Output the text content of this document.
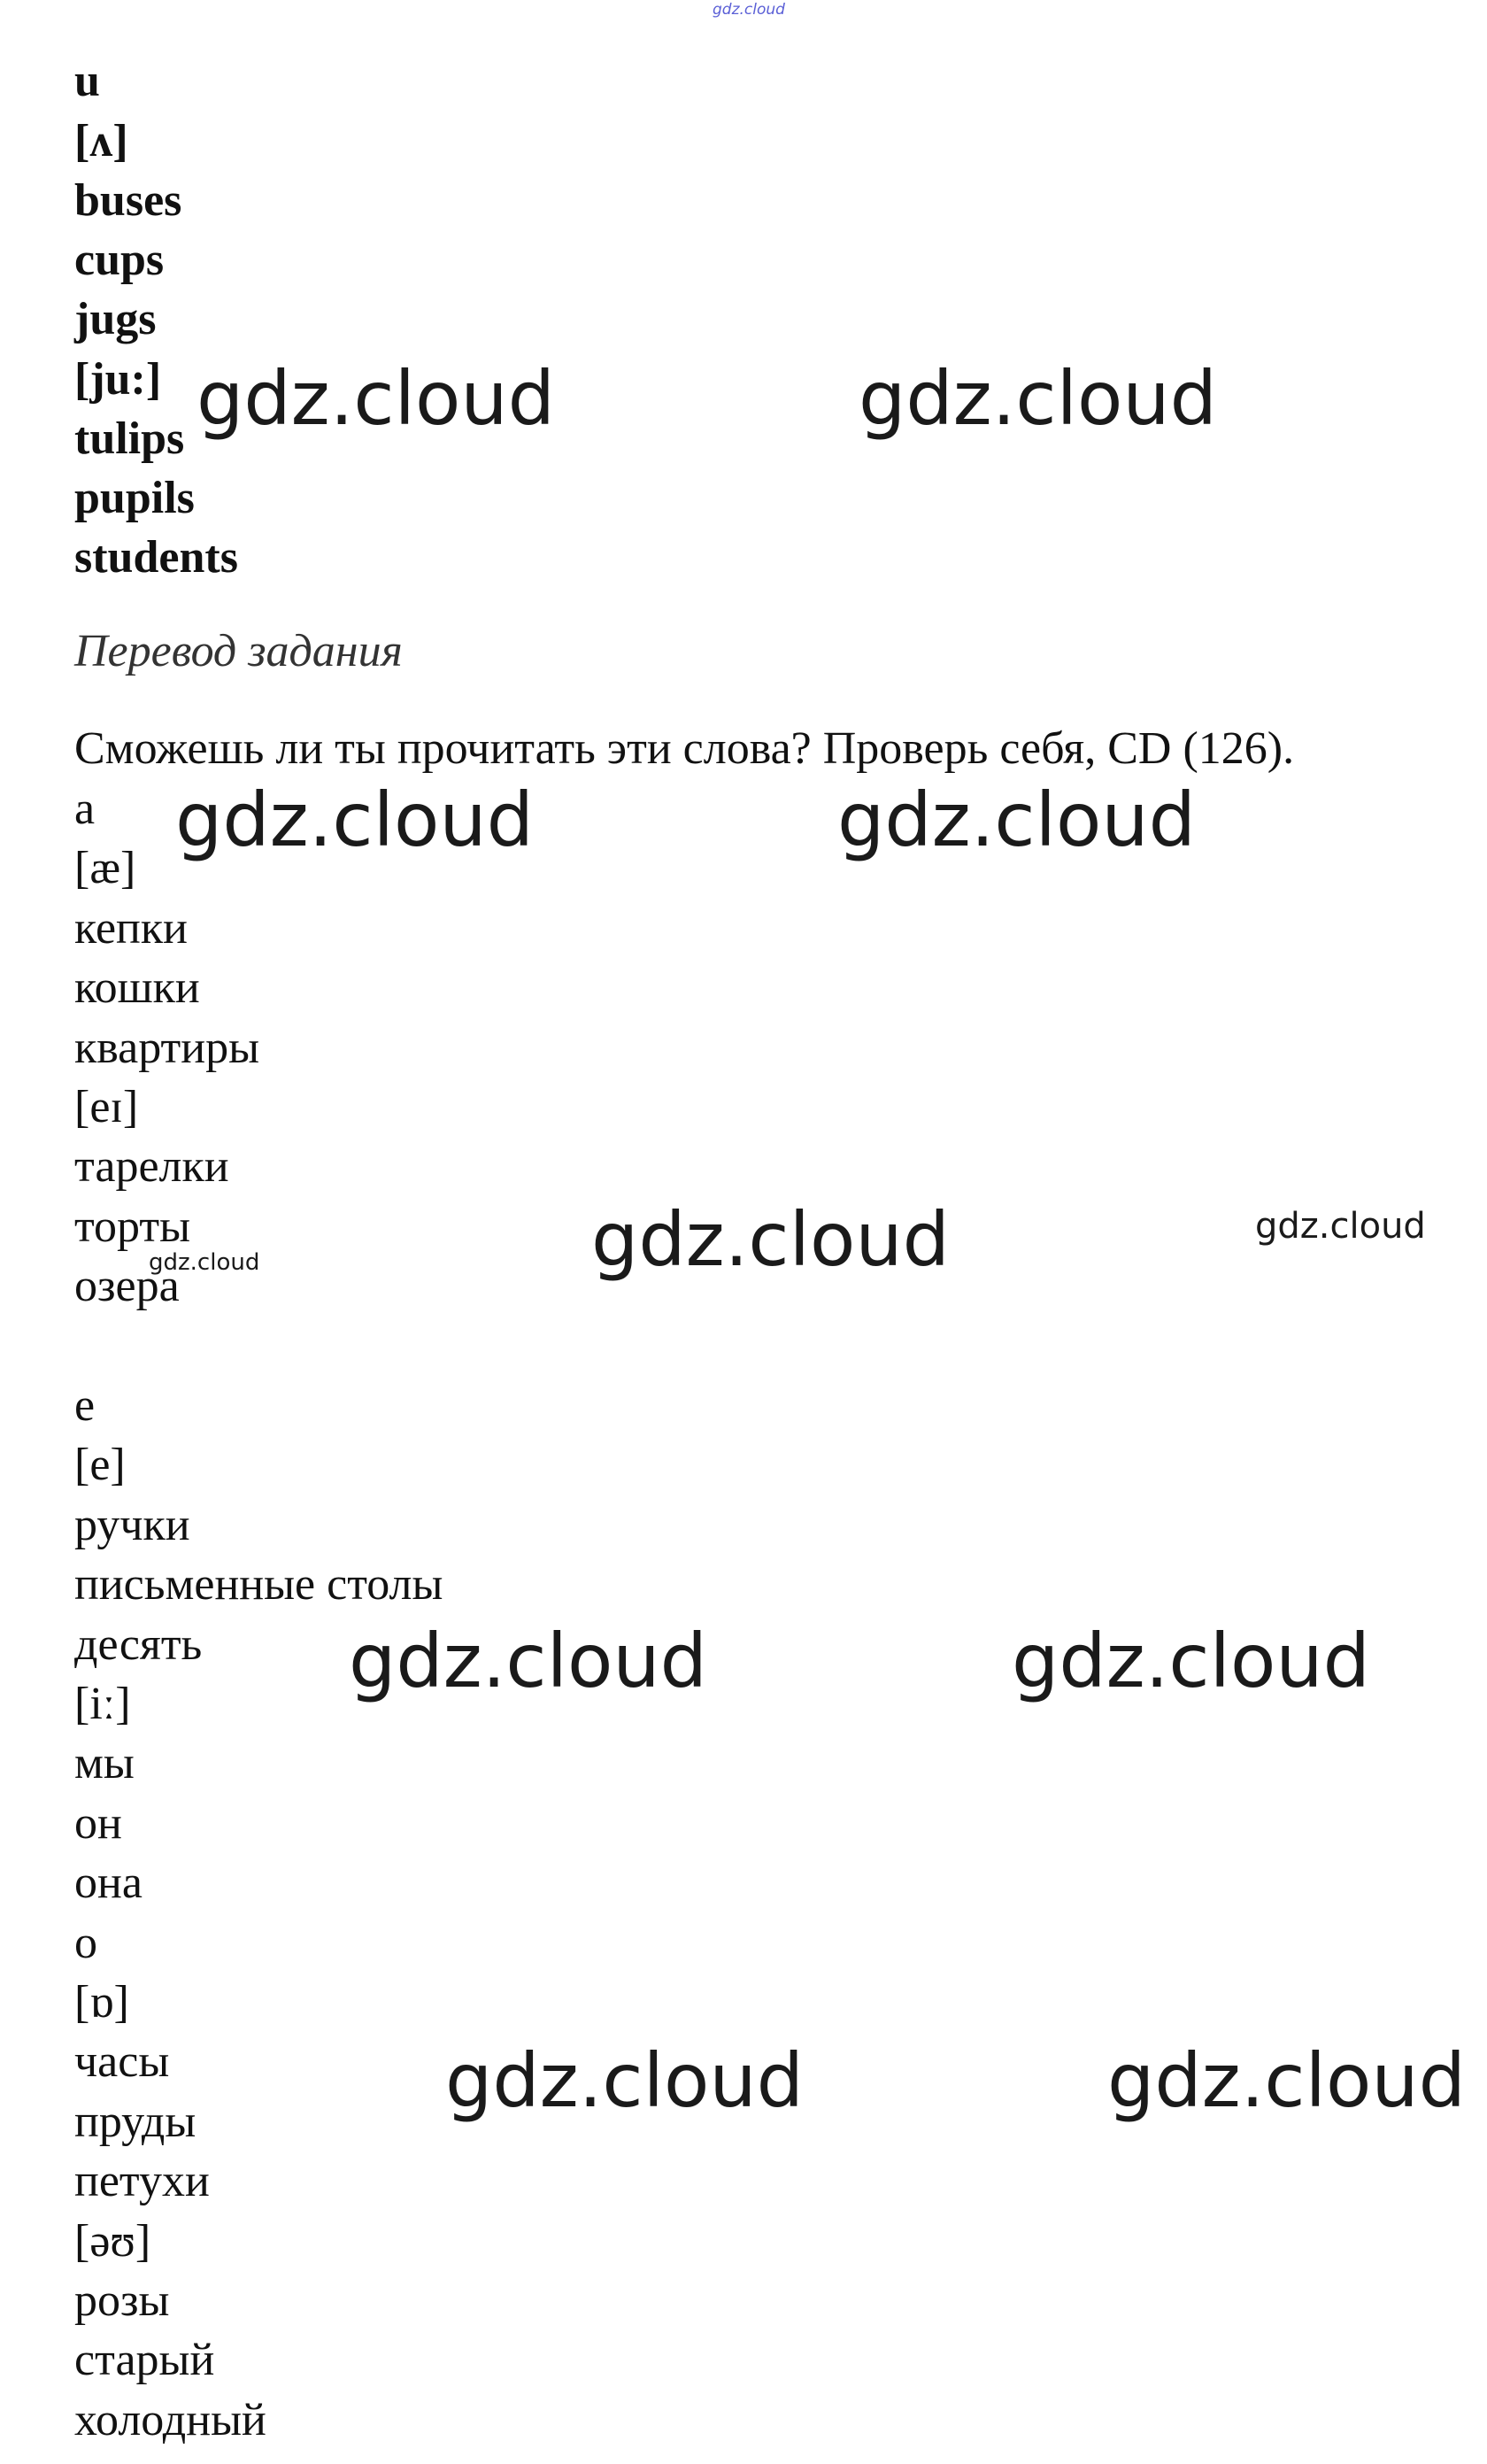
gdz.cloud
u
[ʌ]
buses
cups
jugs
[ju:]
tulips
pupils
students
Перевод задания
Сможешь ли ты прочитать эти слова? Проверь себя, CD (126).
a
[æ]
кепки
кошки
квартиры
[eɪ]
тарелки
торты
озера
e
[e]
ручки
письменные столы
десять
[iː]
мы
он
она
o
[ɒ]
часы
пруды
петухи
[əʊ]
розы
старый
холодный
gdz.cloud	gdz.cloud
gdz.cloud	gdz.cloud
gdz.cloud	gdz.cloud
gdz.cloud
gdz.cloud	gdz.cloud
gdz.cloud	gdz.cloud
